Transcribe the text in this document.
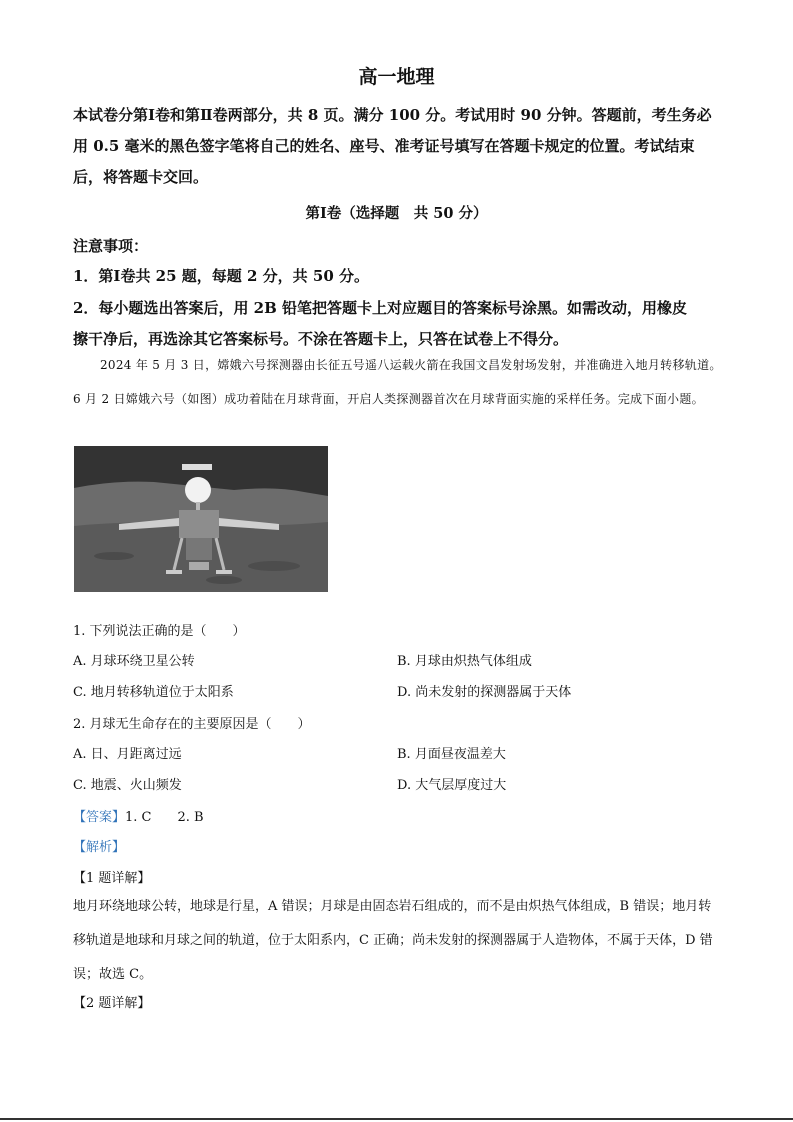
高一地理
本试卷分第Ⅰ卷和第Ⅱ卷两部分，共 8 页。满分 100 分。考试用时 90 分钟。答题前，考生务必用 0.5 毫米的黑色签字笔将自己的姓名、座号、准考证号填写在答题卡规定的位置。考试结束后，将答题卡交回。
第Ⅰ卷（选择题　共 50 分）
注意事项：
1．第Ⅰ卷共 25 题，每题 2 分，共 50 分。
2．每小题选出答案后，用 2B 铅笔把答题卡上对应题目的答案标号涂黑。如需改动，用橡皮
擦干净后，再选涂其它答案标号。不涂在答题卡上，只答在试卷上不得分。
2024 年 5 月 3 日，嫦娥六号探测器由长征五号遥八运载火箭在我国文昌发射场发射，并准确进入地月转移轨道。6 月 2 日嫦娥六号（如图）成功着陆在月球背面，开启人类探测器首次在月球背面实施的采样任务。完成下面小题。
1. 下列说法正确的是（　　）
A. 月球环绕卫星公转	B. 月球由炽热气体组成
C. 地月转移轨道位于太阳系	D. 尚未发射的探测器属于天体
2. 月球无生命存在的主要原因是（　　）
A. 日、月距离过远	B. 月面昼夜温差大
C. 地震、火山频发	D. 大气层厚度过大
【答案】1. C 2. B
【解析】
【1 题详解】
地月环绕地球公转，地球是行星，A 错误；月球是由固态岩石组成的，而不是由炽热气体组成，B 错误；地月转移轨道是地球和月球之间的轨道，位于太阳系内，C 正确；尚未发射的探测器属于人造物体，不属于天体，D 错误；故选 C。
【2 题详解】
